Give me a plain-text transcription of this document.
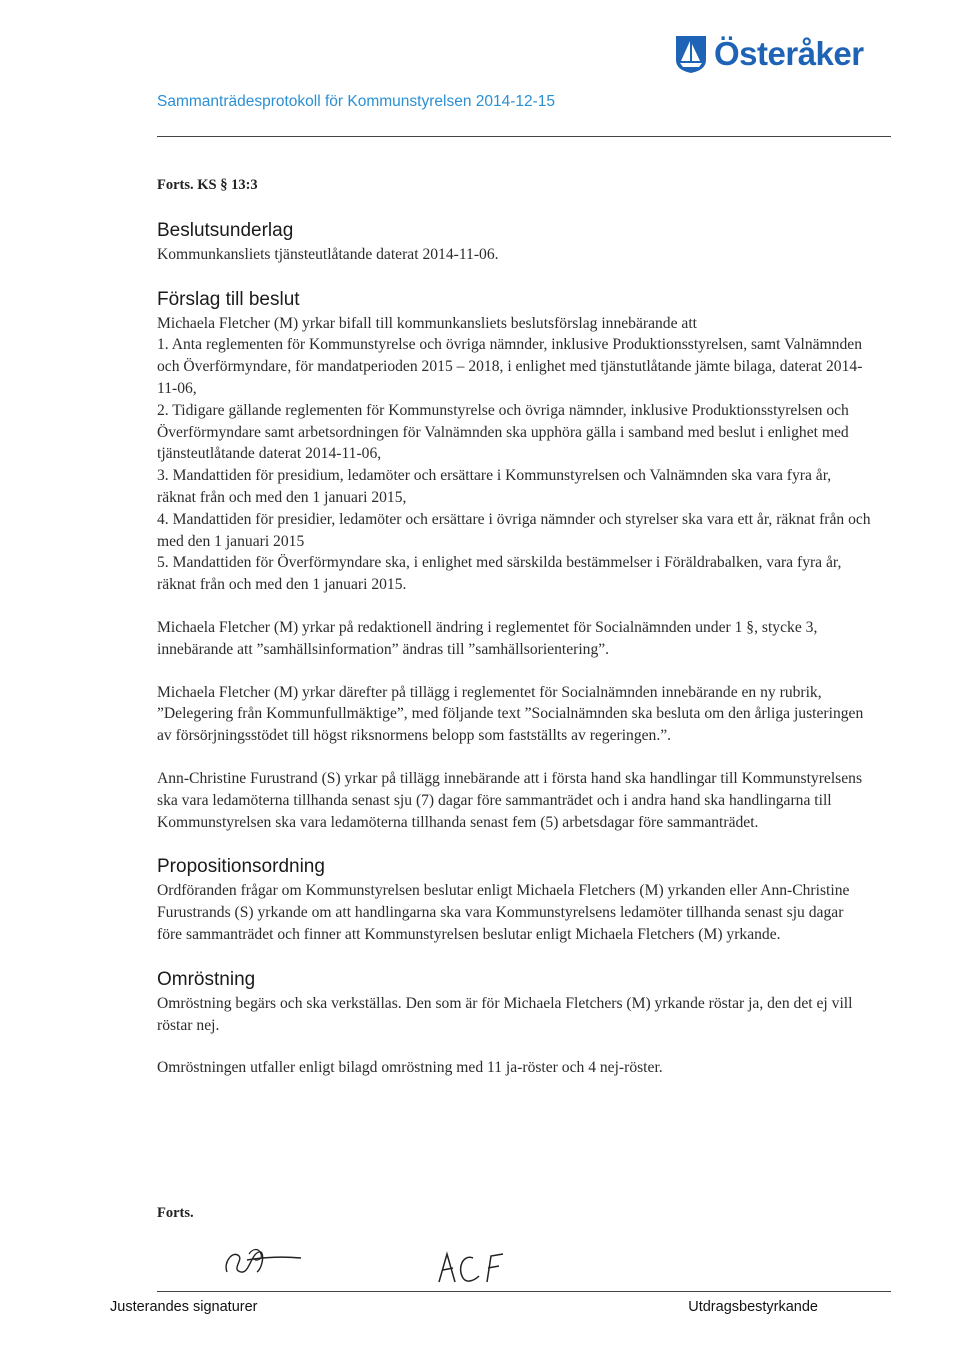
Österåker
Sammanträdesprotokoll för Kommunstyrelsen 2014-12-15

Forts. KS § 13:3

Beslutsunderlag

Kommunkansliets tjänsteutlåtande daterat 2014-11-06.

Förslag till beslut

Michaela Fletcher (M) yrkar bifall till kommunkansliets beslutsförslag innebärande att

1. Anta reglementen för Kommunstyrelse och övriga nämnder, inklusive Produktionsstyrelsen, samt Valnämnden och Överförmyndare, för mandatperioden 2015 – 2018, i enlighet med tjänstutlåtande jämte bilaga, daterat 2014-11-06,

2. Tidigare gällande reglementen för Kommunstyrelse och övriga nämnder, inklusive Produktionsstyrelsen och Överförmyndare samt arbetsordningen för Valnämnden ska upphöra gälla i samband med beslut i enlighet med tjänsteutlåtande daterat 2014-11-06,

3. Mandattiden för presidium, ledamöter och ersättare i Kommunstyrelsen och Valnämnden ska vara fyra år, räknat från och med den 1 januari 2015,

4. Mandattiden för presidier, ledamöter och ersättare i övriga nämnder och styrelser ska vara ett år, räknat från och med den 1 januari 2015

5. Mandattiden för Överförmyndare ska, i enlighet med särskilda bestämmelser i Föräldrabalken, vara fyra år, räknat från och med den 1 januari 2015.

Michaela Fletcher (M) yrkar på redaktionell ändring i reglementet för Socialnämnden under 1 §, stycke 3, innebärande att ”samhällsinformation” ändras till ”samhällsorientering”.

Michaela Fletcher (M) yrkar därefter på tillägg i reglementet för Socialnämnden innebärande en ny rubrik, ”Delegering från Kommunfullmäktige”, med följande text ”Socialnämnden ska besluta om den årliga justeringen av försörjningsstödet till högst riksnormens belopp som fastställts av regeringen.”.

Ann-Christine Furustrand (S) yrkar på tillägg innebärande att i första hand ska handlingar till Kommunstyrelsens ska vara ledamöterna tillhanda senast sju (7) dagar före sammanträdet och i andra hand ska handlingarna till Kommunstyrelsen ska vara ledamöterna tillhanda senast fem (5) arbetsdagar före sammanträdet.

Propositionsordning

Ordföranden frågar om Kommunstyrelsen beslutar enligt Michaela Fletchers (M) yrkanden eller Ann-Christine Furustrands (S) yrkande om att handlingarna ska vara Kommunstyrelsens ledamöter tillhanda senast sju dagar före sammanträdet och finner att Kommunstyrelsen beslutar enligt Michaela Fletchers (M) yrkande.

Omröstning

Omröstning begärs och ska verkställas. Den som är för Michaela Fletchers (M) yrkande röstar ja, den det ej vill röstar nej.

Omröstningen utfaller enligt bilagd omröstning med 11 ja-röster och 4 nej-röster.

Forts.
Justerandes signaturer	Utdragsbestyrkande
